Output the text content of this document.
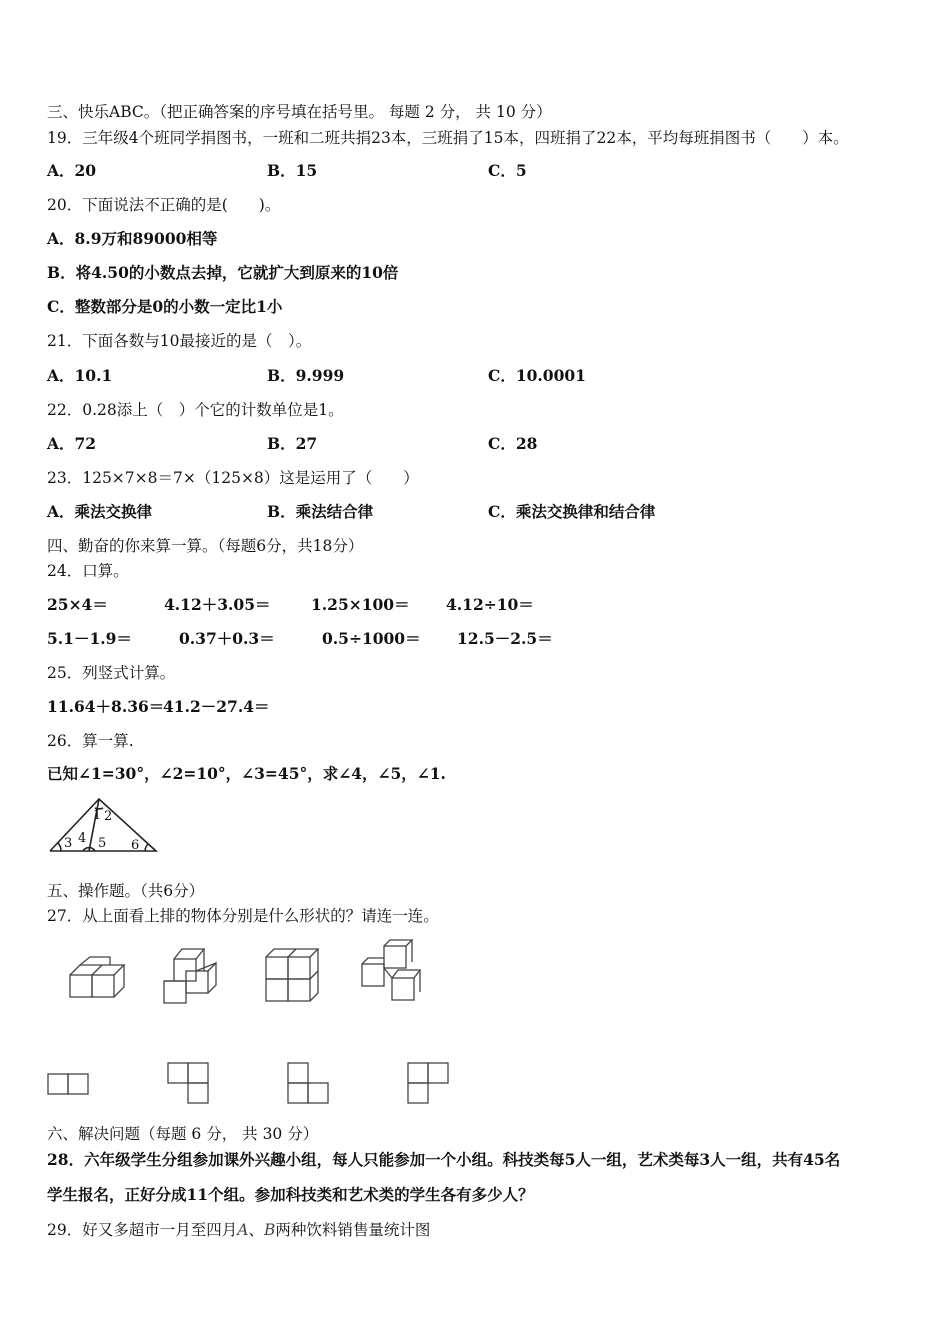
三、快乐ABC。（把正确答案的序号填在括号里。 每题 2 分， 共 10 分）
19．三年级4个班同学捐图书，一班和二班共捐23本，三班捐了15本，四班捐了22本，平均每班捐图书（　　）本。
A．20	B．15	C．5
20．下面说法不正确的是(　　)。
A．8.9万和89000相等
B．将4.50的小数点去掉，它就扩大到原来的10倍
C．整数部分是0的小数一定比1小
21．下面各数与10最接近的是（　）。
A．10.1	B．9.999	C．10.0001
22．0.28添上（　）个它的计数单位是1。
A．72	B．27	C．28
23．125×7×8＝7×（125×8）这是运用了（　　）
A．乘法交换律	B．乘法结合律	C．乘法交换律和结合律
四、勤奋的你来算一算。（每题6分，共18分）
24．口算。
25×4＝	4.12＋3.05＝	1.25×100＝ 4.12÷10＝
5.1－1.9＝	0.37＋0.3＝	0.5÷1000＝ 12.5－2.5＝
25．列竖式计算。
11.64＋8.36＝
41.2－27.4＝
26．算一算.
已知∠1=30°，∠2=10°，∠3=45°，求∠4，∠5，∠1.
1 2
3 4 5 6
五、操作题。（共6分）
27．从上面看上排的物体分别是什么形状的？请连一连。
六、解决问题（每题 6 分， 共 30 分）
28．六年级学生分组参加课外兴趣小组，每人只能参加一个小组。科技类每5人一组，艺术类每3人一组，共有45名
学生报名，正好分成11个组。参加科技类和艺术类的学生各有多少人？
29．好又多超市一月至四月A、B两种饮料销售量统计图
